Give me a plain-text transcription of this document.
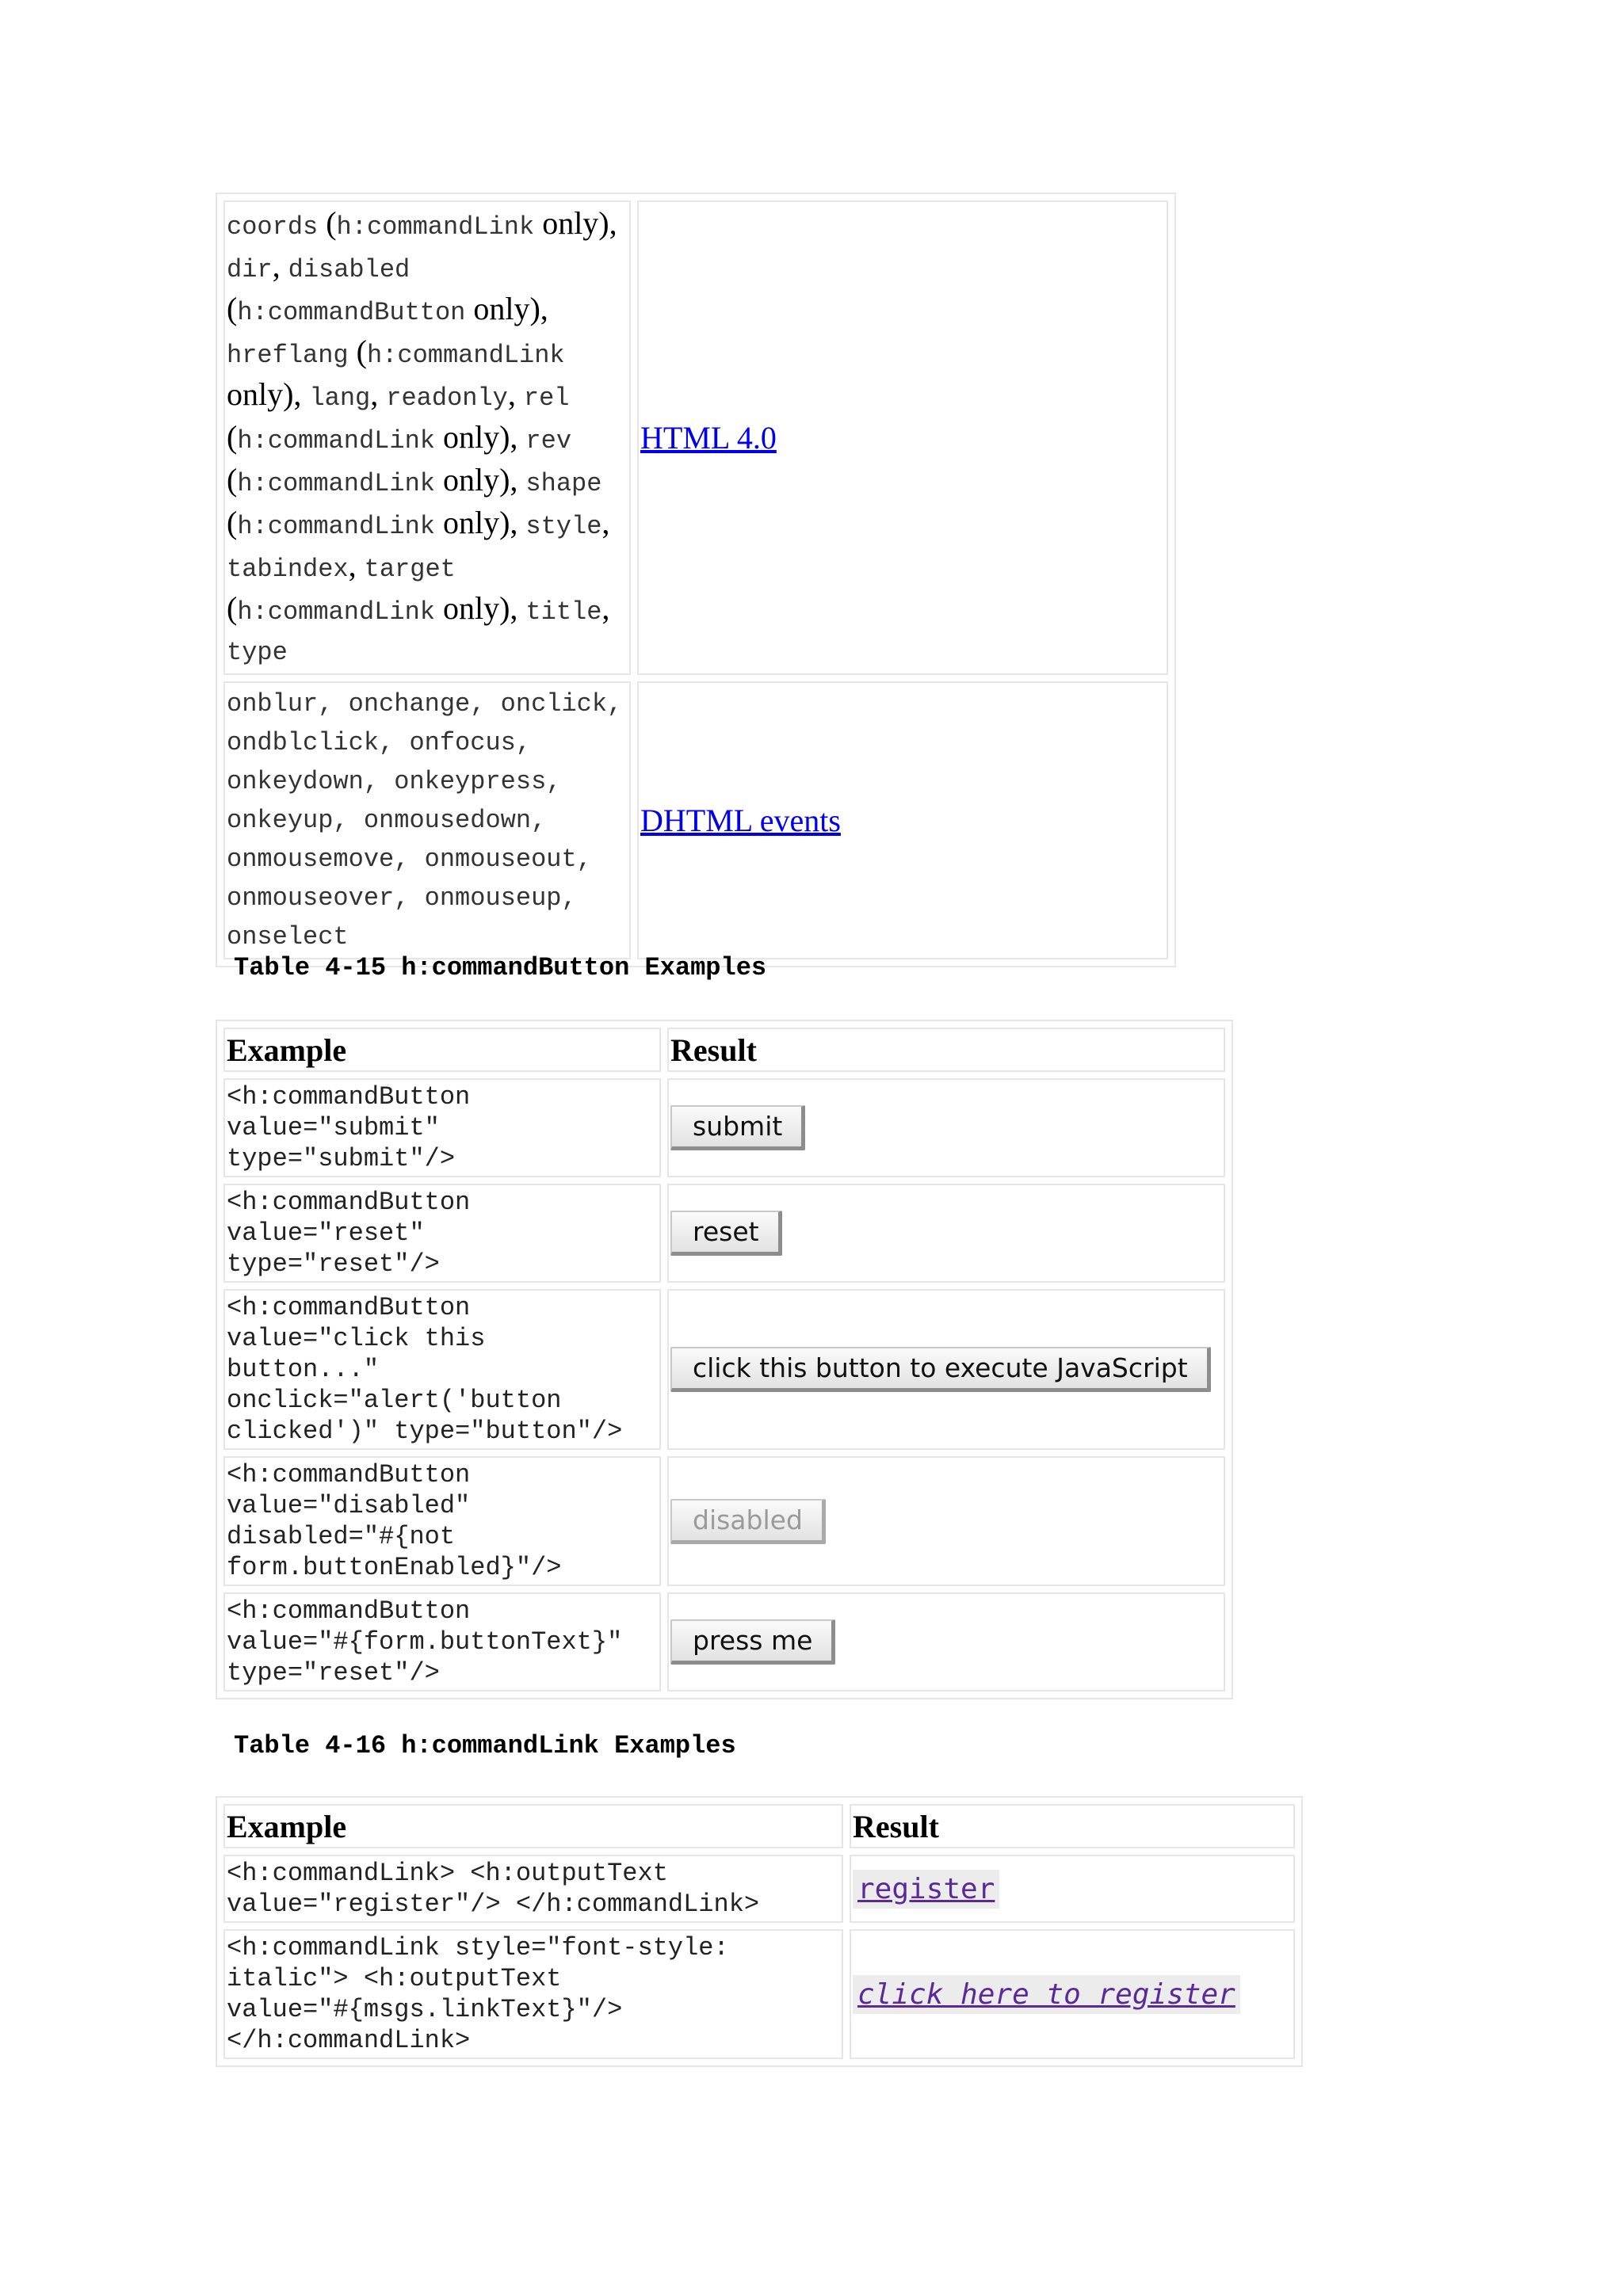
coords (h:commandLink only), dir, disabled (h:commandButton only), hreflang (h:commandLink only), lang, readonly, rel (h:commandLink only), rev (h:commandLink only), shape (h:commandLink only), style, tabindex, target (h:commandLink only), title, type	HTML 4.0

onblur, onchange, onclick, ondblclick, onfocus, onkeydown, onkeypress, onkeyup, onmousedown, onmousemove, onmouseout, onmouseover, onmouseup, onselect	DHTML events
Table 4-15 h:commandButton Examples
Example	Result
<h:commandButton
value="submit"
type="submit"/>	submit
<h:commandButton
value="reset"
type="reset"/>	reset
<h:commandButton
value="click this
button..."
onclick="alert('button
clicked')" type="button"/>	click this button to execute JavaScript
<h:commandButton
value="disabled"
disabled="#{not
form.buttonEnabled}"/>	disabled
<h:commandButton
value="#{form.buttonText}"
type="reset"/>	press me
Table 4-16 h:commandLink Examples
Example	Result
<h:commandLink> <h:outputText
value="register"/> </h:commandLink>	register
<h:commandLink style="font-style:
italic"> <h:outputText
value="#{msgs.linkText}"/>
</h:commandLink>	click here to register
